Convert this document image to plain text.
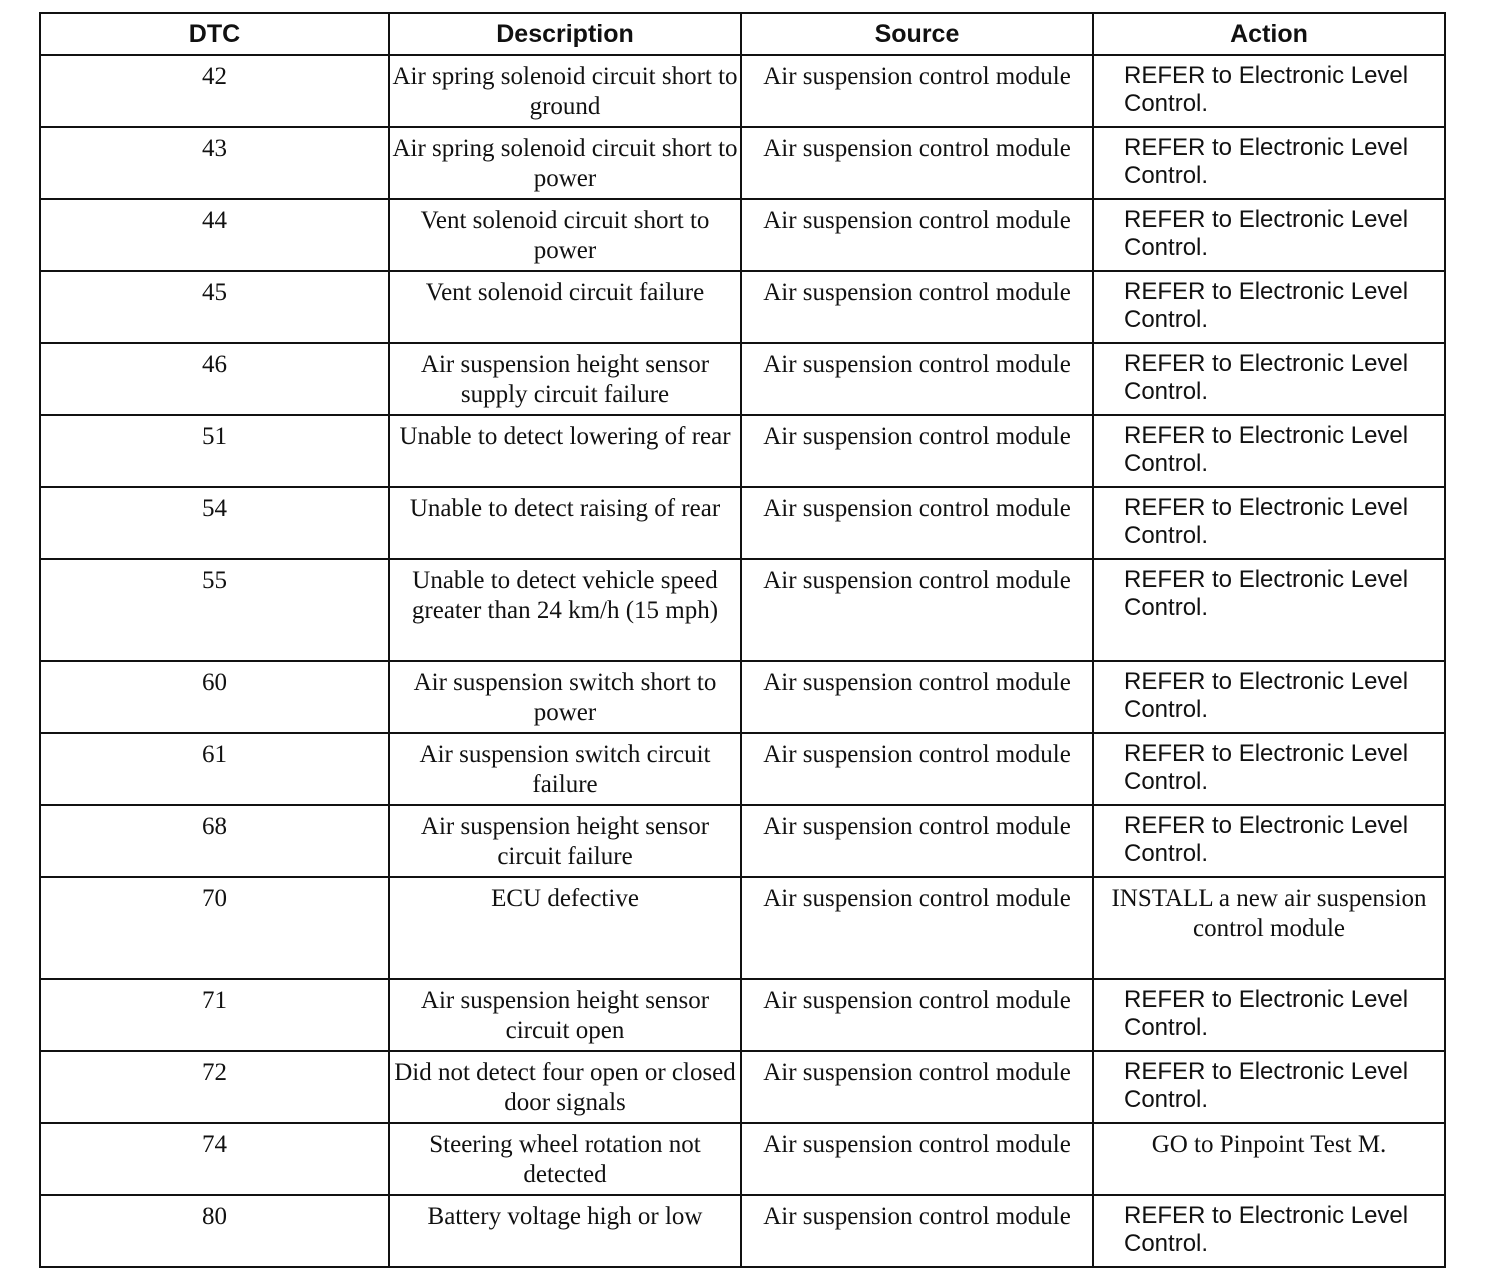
DTC	Description	Source	Action
42	Air spring solenoid circuit short to ground	Air suspension control module	REFER to Electronic Level Control.
43	Air spring solenoid circuit short to power	Air suspension control module	REFER to Electronic Level Control.
44	Vent solenoid circuit short to power	Air suspension control module	REFER to Electronic Level Control.
45	Vent solenoid circuit failure	Air suspension control module	REFER to Electronic Level Control.
46	Air suspension height sensor supply circuit failure	Air suspension control module	REFER to Electronic Level Control.
51	Unable to detect lowering of rear	Air suspension control module	REFER to Electronic Level Control.
54	Unable to detect raising of rear	Air suspension control module	REFER to Electronic Level Control.
55	Unable to detect vehicle speed greater than 24 km/h (15 mph)	Air suspension control module	REFER to Electronic Level Control.
60	Air suspension switch short to power	Air suspension control module	REFER to Electronic Level Control.
61	Air suspension switch circuit failure	Air suspension control module	REFER to Electronic Level Control.
68	Air suspension height sensor circuit failure	Air suspension control module	REFER to Electronic Level Control.
70	ECU defective	Air suspension control module	INSTALL a new air suspension control module
71	Air suspension height sensor circuit open	Air suspension control module	REFER to Electronic Level Control.
72	Did not detect four open or closed door signals	Air suspension control module	REFER to Electronic Level Control.
74	Steering wheel rotation not detected	Air suspension control module	GO to Pinpoint Test M.
80	Battery voltage high or low	Air suspension control module	REFER to Electronic Level Control.
